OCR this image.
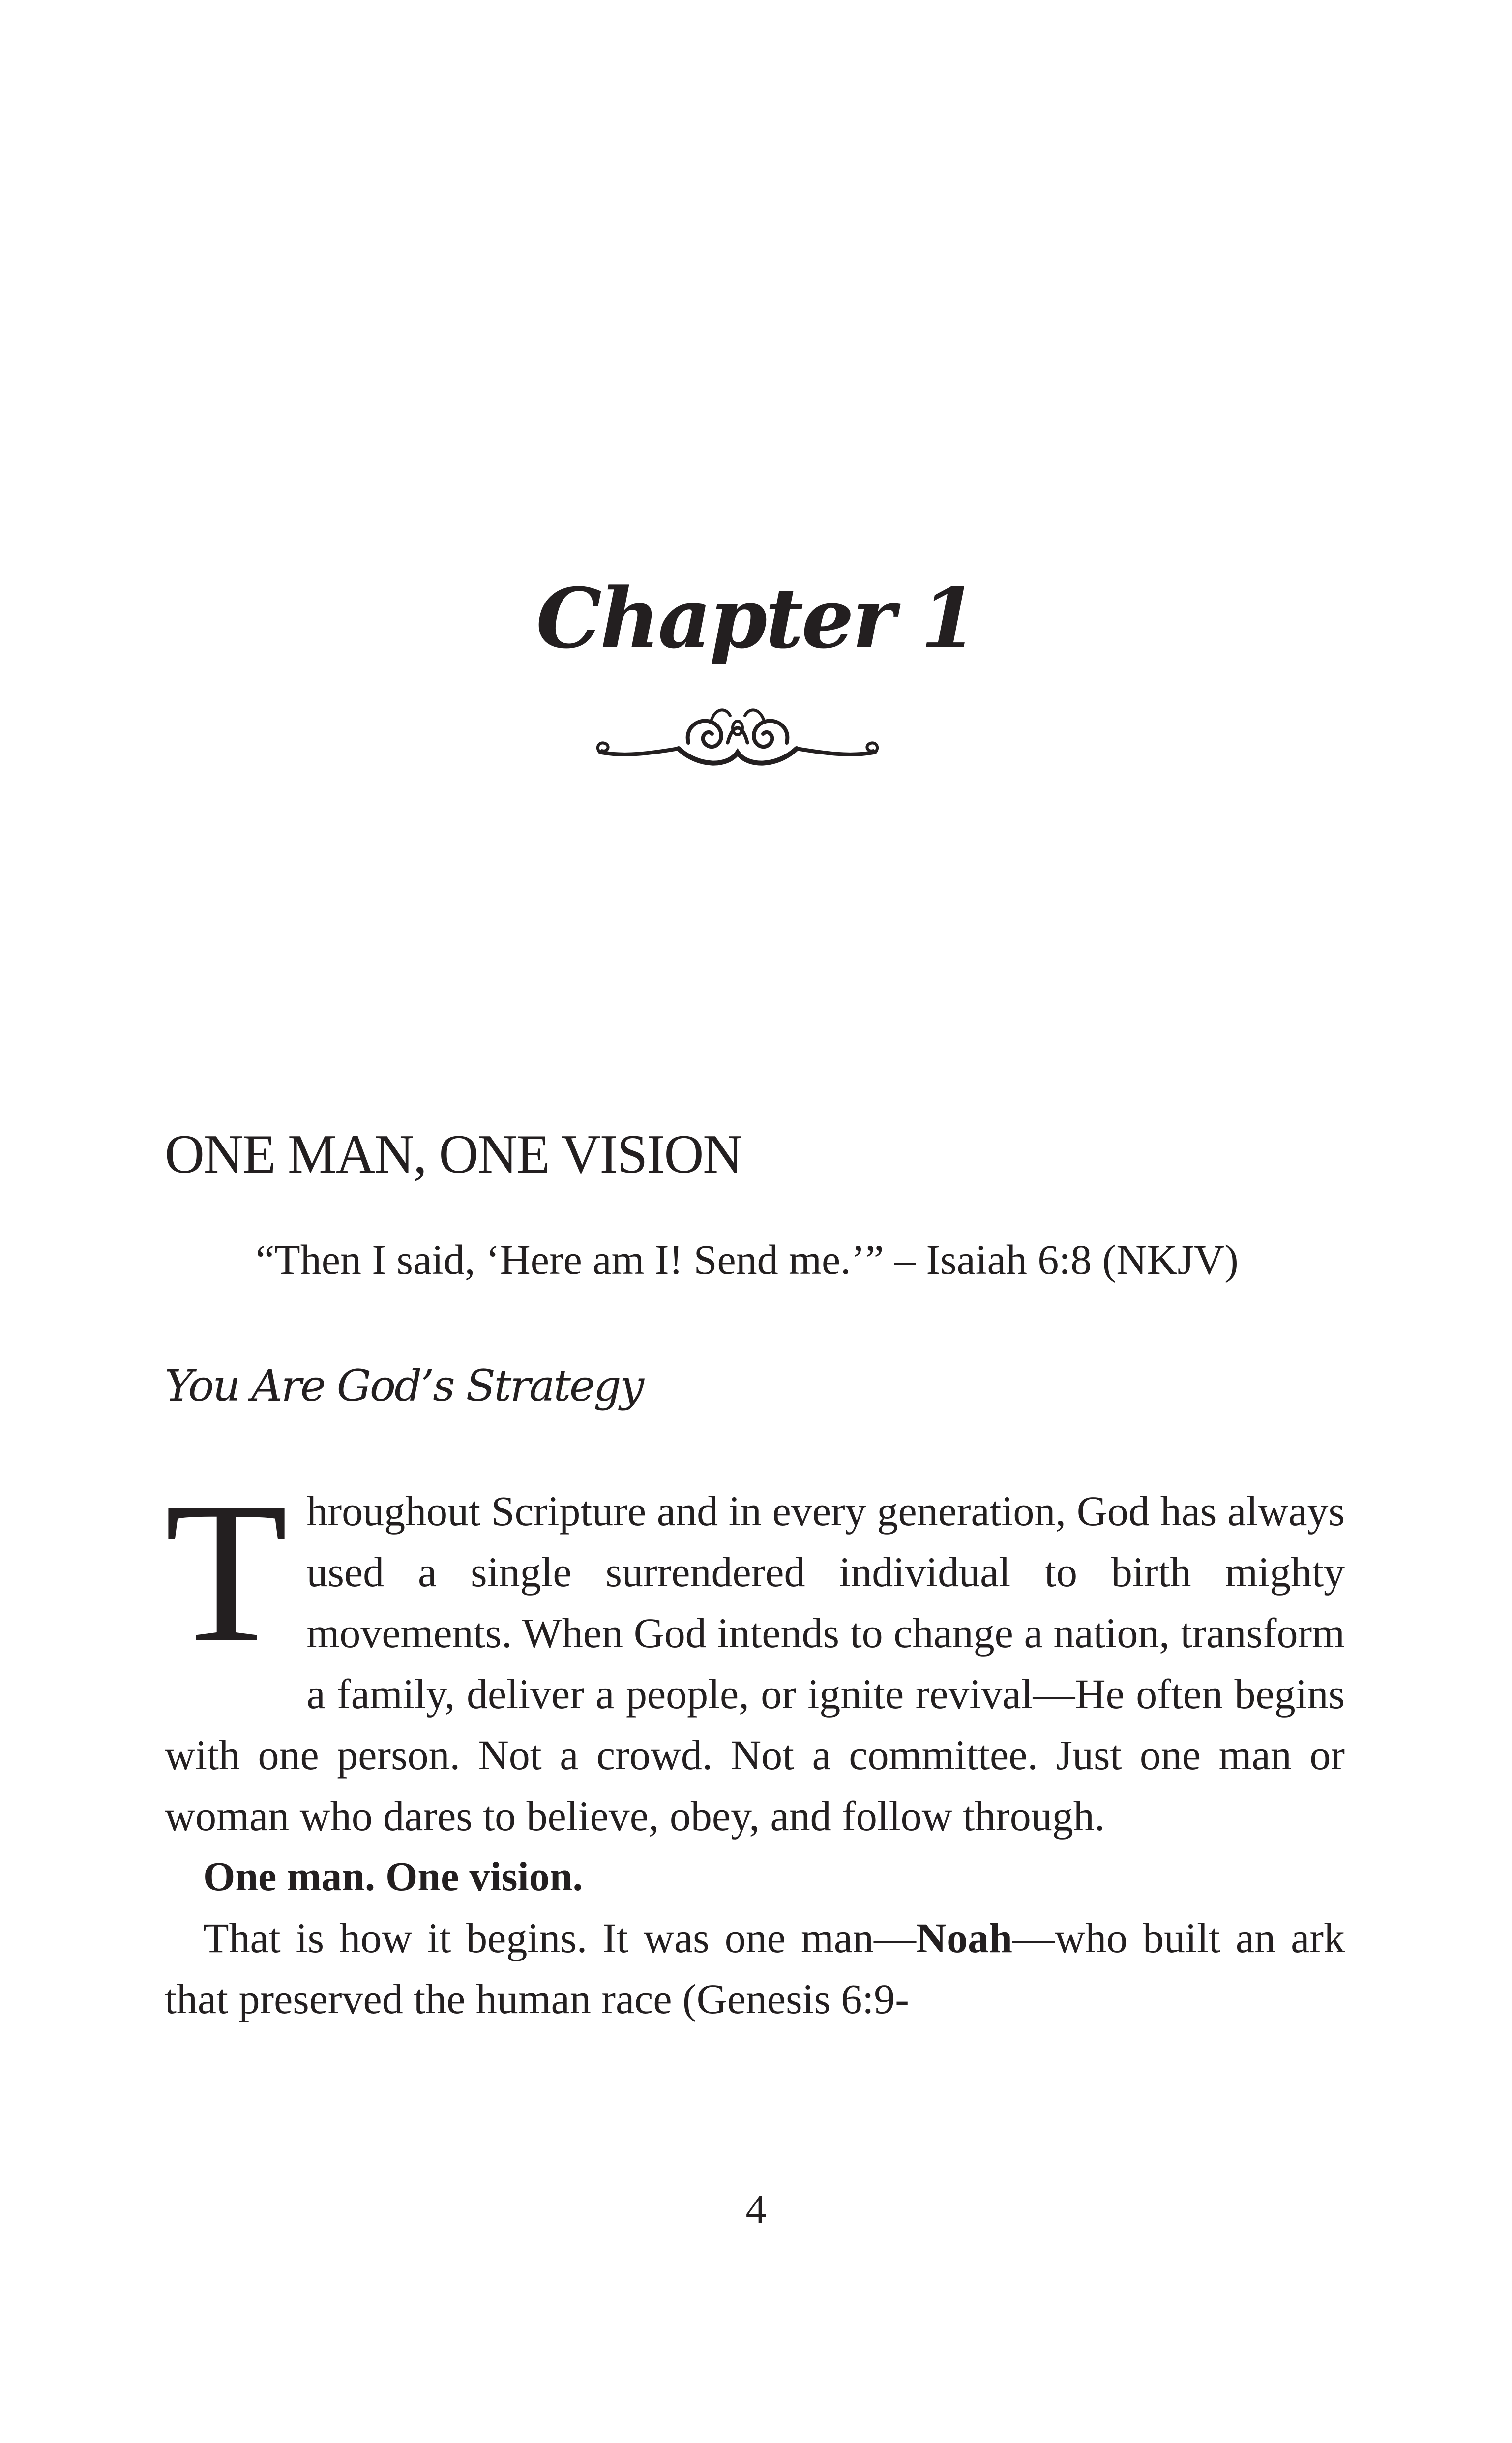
Chapter 1
ONE MAN, ONE VISION
“Then I said, ‘Here am I! Send me.’” – Isaiah 6:8 (NKJV)
You Are God’s Strategy

Throughout Scripture and in every generation, God has always used a single surrendered individual to birth mighty movements. When God intends to change a nation, transform a family, deliver a people, or ignite revival—He often begins with one person. Not a crowd. Not a committee. Just one man or woman who dares to believe, obey, and follow through.

One man. One vision.

That is how it begins. It was one man—Noah—who built an ark that preserved the human race (Genesis 6:9-

4
